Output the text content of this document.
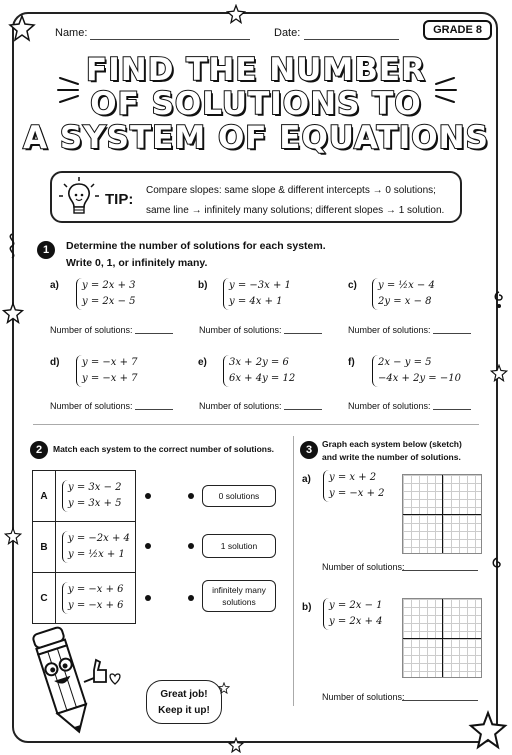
Name:	Date:	GRADE 8
FIND THE NUMBER
OF SOLUTIONS TO
A SYSTEM OF EQUATIONS
TIP:
Compare slopes: same slope & different intercepts → 0 solutions;
same line → infinitely many solutions; different slopes → 1 solution.
1	Determine the number of solutions for each system.
Write 0, 1, or infinitely many.
a) y = 2x + 3
y = 2x − 5
b) y = −3x + 1
y = 4x + 1
c) y = ½x − 4
2y = x − 8
Number of solutions:	Number of solutions:	Number of solutions:
d) y = −x + 7
y = −x + 7
e) 3x + 2y = 6
6x + 4y = 12
f) 2x − y = 5
−4x + 2y = −10
Number of solutions:	Number of solutions:	Number of solutions:
2	Match each system to the correct number of solutions.
A	y = 3x − 2
y = 3x + 5

B	y = −2x + 4
y = ½x + 1

C	y = −x + 6
y = −x + 6
0 solutions
1 solution
infinitely many solutions
3	Graph each system below (sketch)
and write the number of solutions.
a) y = x + 2
y = −x + 2
Number of solutions:
b) y = 2x − 1
y = 2x + 4
Number of solutions:
Great job!
Keep it up!
